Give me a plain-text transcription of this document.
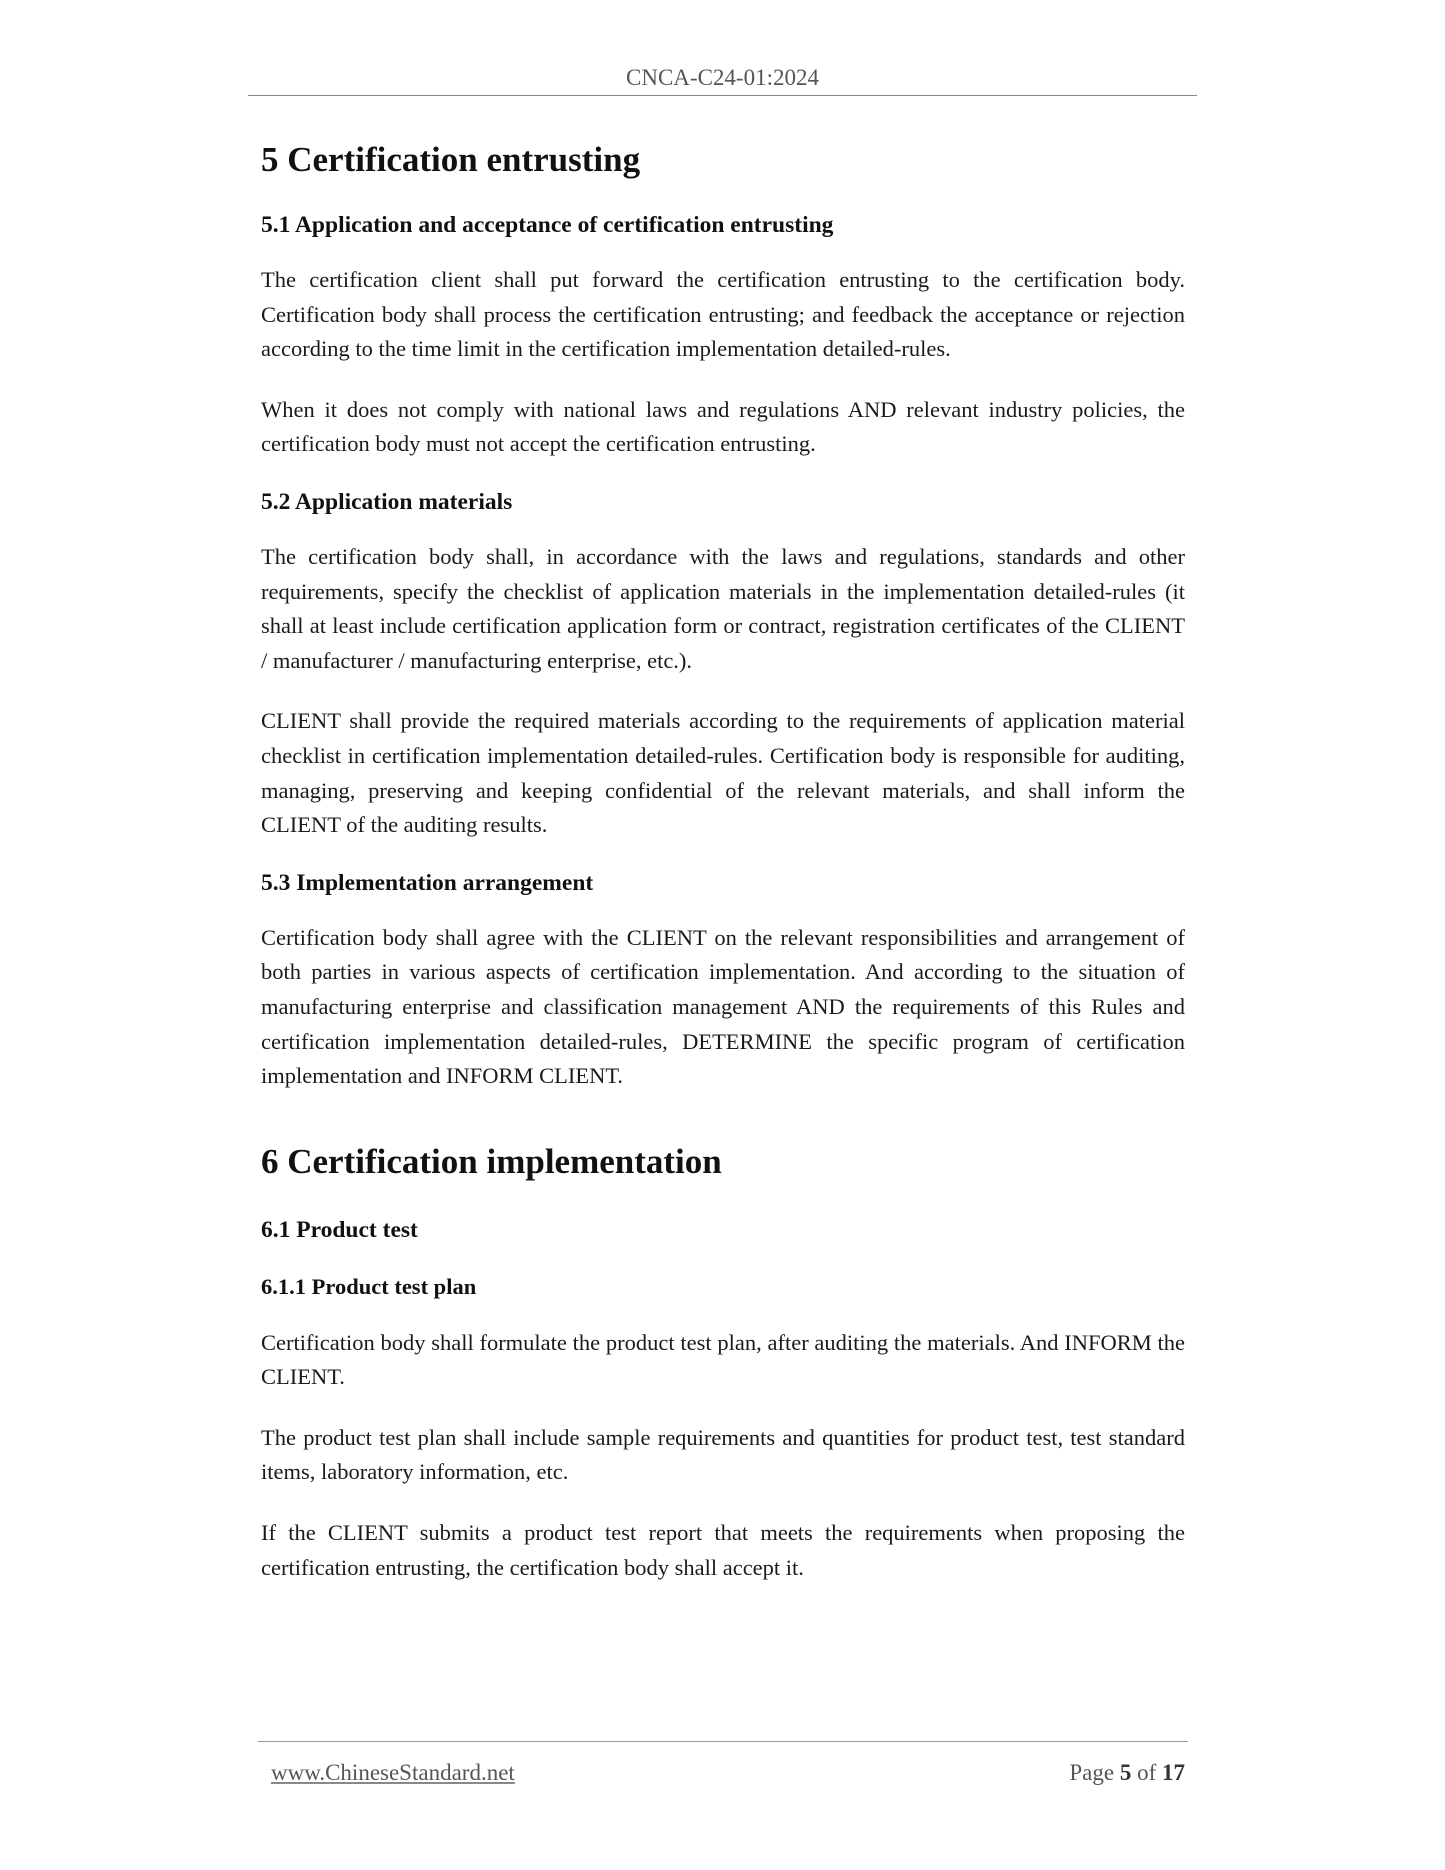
CNCA-C24-01:2024
5 Certification entrusting
5.1 Application and acceptance of certification entrusting

The certification client shall put forward the certification entrusting to the certification body. Certification body shall process the certification entrusting; and feedback the acceptance or rejection according to the time limit in the certification implementation detailed-rules.

When it does not comply with national laws and regulations AND relevant industry policies, the certification body must not accept the certification entrusting.

5.2 Application materials

The certification body shall, in accordance with the laws and regulations, standards and other requirements, specify the checklist of application materials in the implementation detailed-rules (it shall at least include certification application form or contract, registration certificates of the CLIENT / manufacturer / manufacturing enterprise, etc.).

CLIENT shall provide the required materials according to the requirements of application material checklist in certification implementation detailed-rules. Certification body is responsible for auditing, managing, preserving and keeping confidential of the relevant materials, and shall inform the CLIENT of the auditing results.

5.3 Implementation arrangement

Certification body shall agree with the CLIENT on the relevant responsibilities and arrangement of both parties in various aspects of certification implementation. And according to the situation of manufacturing enterprise and classification management AND the requirements of this Rules and certification implementation detailed-rules, DETERMINE the specific program of certification implementation and INFORM CLIENT.

6 Certification implementation
6.1 Product test
6.1.1 Product test plan

Certification body shall formulate the product test plan, after auditing the materials. And INFORM the CLIENT.

The product test plan shall include sample requirements and quantities for product test, test standard items, laboratory information, etc.

If the CLIENT submits a product test report that meets the requirements when proposing the certification entrusting, the certification body shall accept it.

www.ChineseStandard.net	Page 5 of 17
